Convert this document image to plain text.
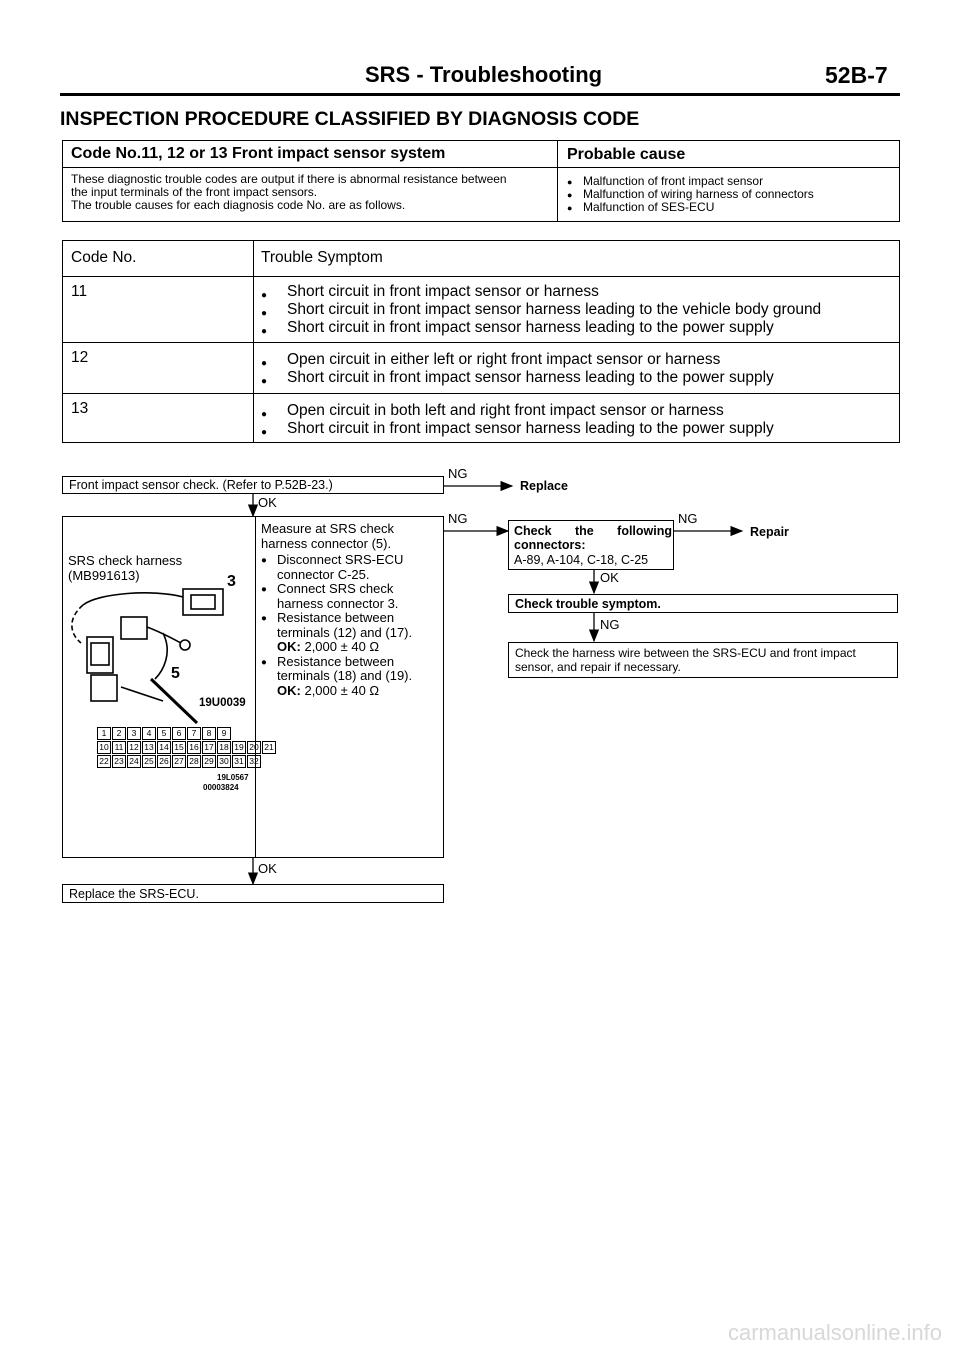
SRS - Troubleshooting	52B-7
INSPECTION PROCEDURE CLASSIFIED BY DIAGNOSIS CODE
Code No.11, 12 or 13 Front impact sensor system	Probable cause
These diagnostic trouble codes are output if there is abnormal resistance between
the input terminals of the front impact sensors.
The trouble causes for each diagnosis code No. are as follows.
● Malfunction of front impact sensor
● Malfunction of wiring harness of connectors
● Malfunction of SES-ECU
Code No.	Trouble Symptom
11	● Short circuit in front impact sensor or harness
● Short circuit in front impact sensor harness leading to the vehicle body ground
● Short circuit in front impact sensor harness leading to the power supply
12	● Open circuit in either left or right front impact sensor or harness
● Short circuit in front impact sensor harness leading to the power supply
13	● Open circuit in both left and right front impact sensor or harness
● Short circuit in front impact sensor harness leading to the power supply
Front impact sensor check. (Refer to P.52B-23.)
NG
Replace
OK
SRS check harness
(MB991613)	3
5
19U0039
1	2	3	4	5	6	7	8	9
10 11 12 13 14 15 16 17 18 19 20 21
22 23 24 25 26 27 28 29 30 31 32
19L0567
00003824
Measure at SRS check harness connector (5).
● Disconnect SRS-ECU connector C-25.
● Connect SRS check harness connector 3.
● Resistance between terminals (12) and (17).
OK: 2,000 ± 40 Ω
● Resistance between terminals (18) and (19).
OK: 2,000 ± 40 Ω
NG
Check the following connectors:
A-89, A-104, C-18, C-25
NG
Repair
OK
Check trouble symptom.
NG
Check the harness wire between the SRS-ECU and front impact sensor, and repair if necessary.
OK
Replace the SRS-ECU.
carmanualsonline.info
